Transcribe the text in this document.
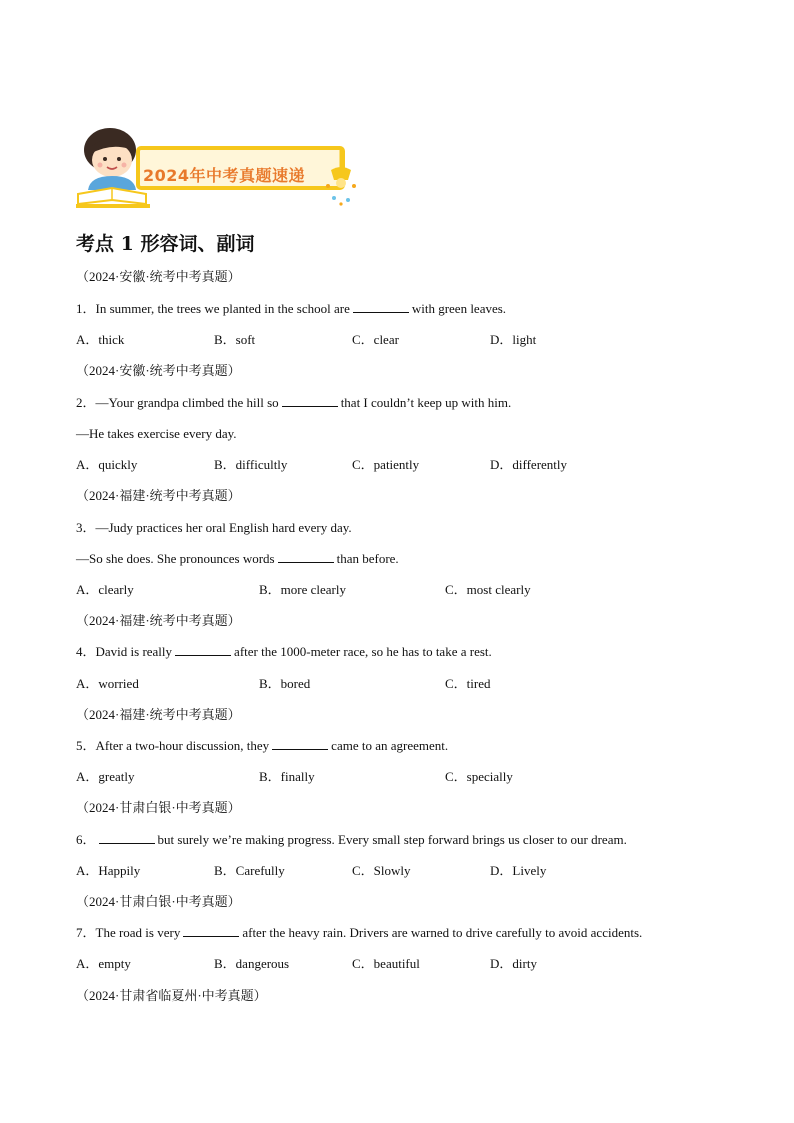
2024年中考真题速递
考点 1 形容词、副词
（2024·安徽·统考中考真题）
1．In summer, the trees we planted in the school are	with green leaves.
A．thick	B．soft	C．clear	D．light
（2024·安徽·统考中考真题）
2．—Your grandpa climbed the hill so	that I couldn’t keep up with him.
—He takes exercise every day.
A．quickly	B．difficultly	C．patiently	D．differently
（2024·福建·统考中考真题）
3．—Judy practices her oral English hard every day.
—So she does. She pronounces words	than before.
A．clearly	B．more clearly	C．most clearly
（2024·福建·统考中考真题）
4．David is really	after the 1000-meter race, so he has to take a rest.
A．worried	B．bored	C．tired
（2024·福建·统考中考真题）
5．After a two-hour discussion, they	came to an agreement.
A．greatly	B．finally	C．specially
（2024·甘肃白银·中考真题）
6．	but surely we’re making progress. Every small step forward brings us closer to our dream.
A．Happily	B．Carefully	C．Slowly	D．Lively
（2024·甘肃白银·中考真题）
7．The road is very	after the heavy rain. Drivers are warned to drive carefully to avoid accidents.
A．empty	B．dangerous	C．beautiful	D．dirty
（2024·甘肃省临夏州·中考真题）
